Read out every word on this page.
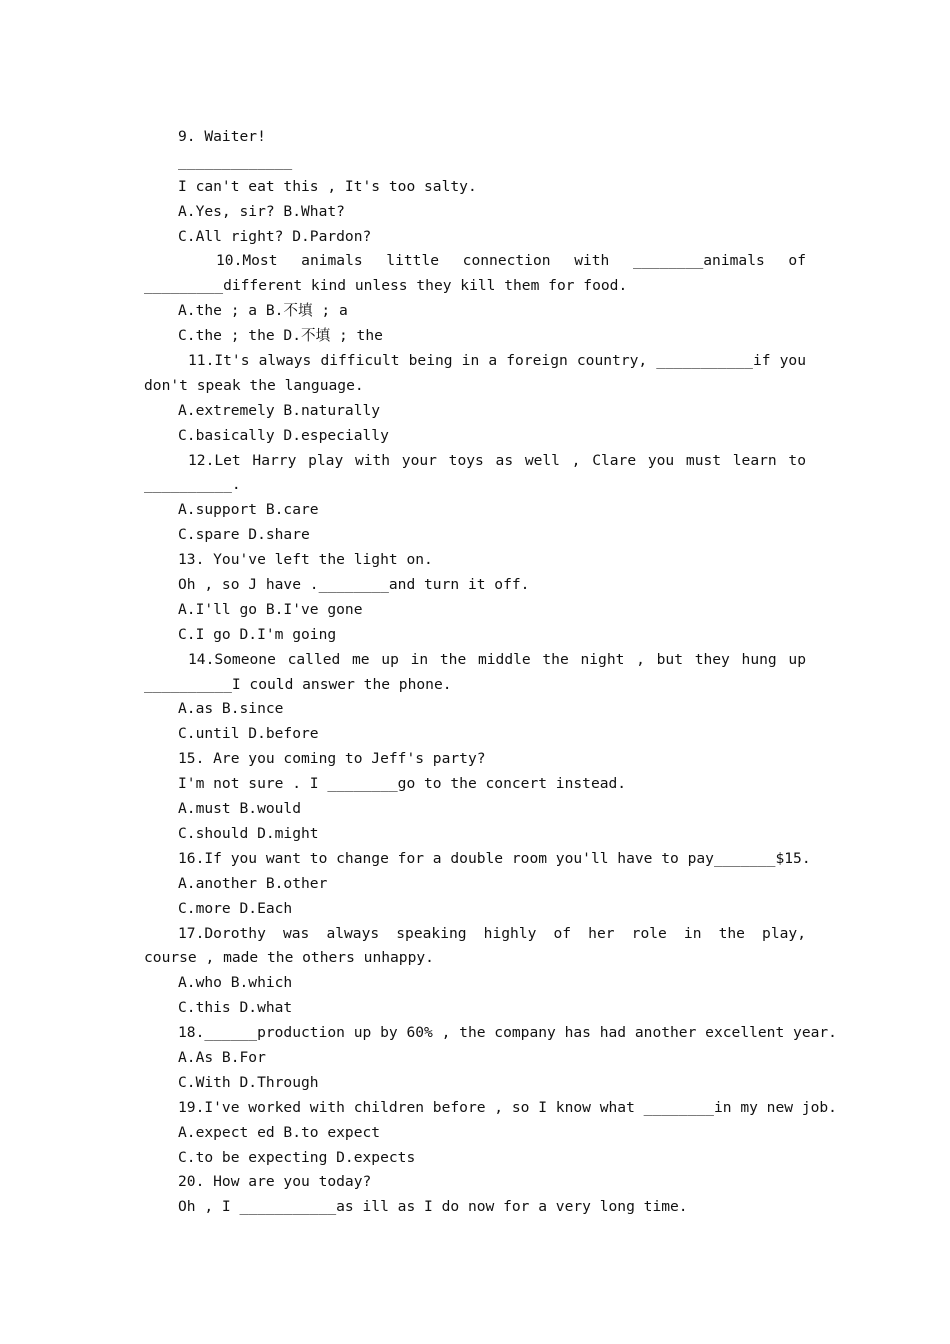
9. Waiter!
_____________
I can't eat this , It's too salty.
A.Yes, sir? B.What?
C.All right? D.Pardon?
10.Most animals little connection with ________animals of
_________different kind unless they kill them for food.
A.the ; a B.不填 ; a
C.the ; the D.不填 ; the
11.It's always difficult being in a foreign country, ___________if you
don't speak the language.
A.extremely B.naturally
C.basically D.especially
12.Let Harry play with your toys as well , Clare you must learn to
__________.
A.support B.care
C.spare D.share
13. You've left the light on.
Oh , so J have .________and turn it off.
A.I'll go B.I've gone
C.I go D.I'm going
14.Someone called me up in the middle the night , but they hung up
__________I could answer the phone.
A.as B.since
C.until D.before
15. Are you coming to Jeff's party?
I'm not sure . I ________go to the concert instead.
A.must B.would
C.should D.might
16.If you want to change for a double room you'll have to pay_______$15.
A.another B.other
C.more D.Each
17.Dorothy was always speaking highly of her role in the play,
course , made the others unhappy.
A.who B.which
C.this D.what
18.______production up by 60% , the company has had another excellent year.
A.As B.For
C.With D.Through
19.I've worked with children before , so I know what ________in my new job.
A.expect ed B.to expect
C.to be expecting D.expects
20. How are you today?
Oh , I ___________as ill as I do now for a very long time.
